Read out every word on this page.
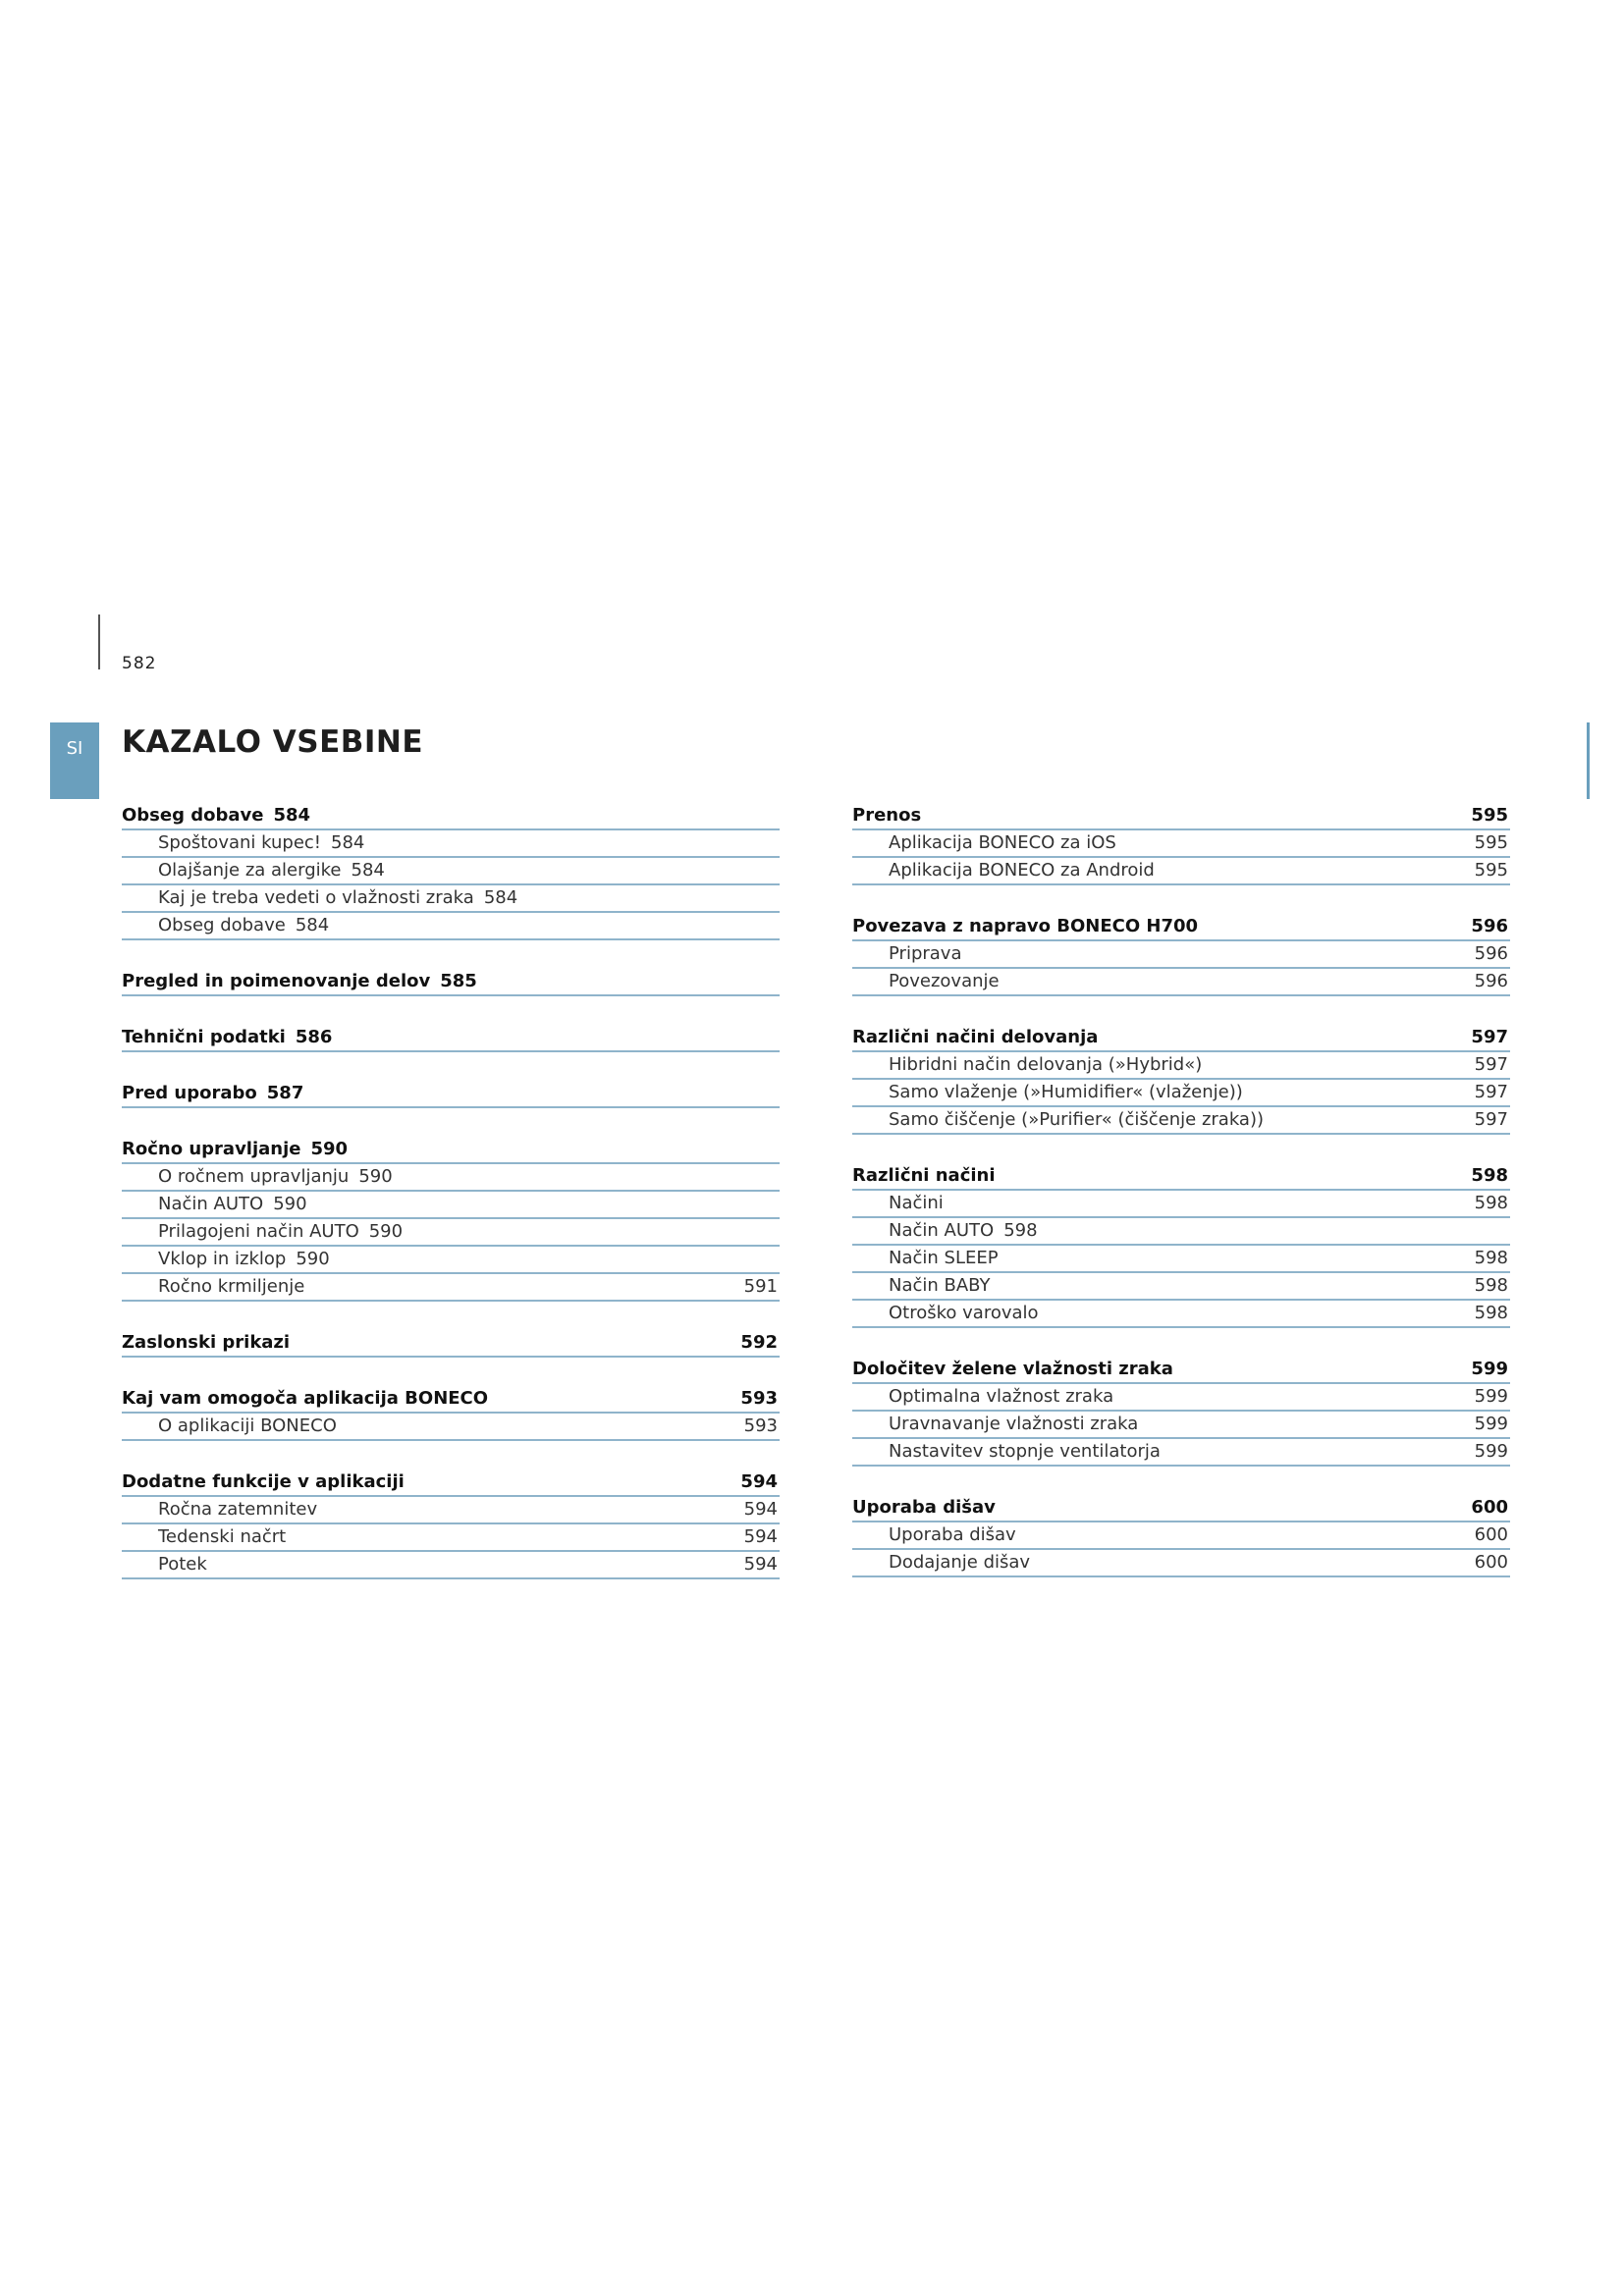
582
SI KAZALO VSEBINE
Obseg dobave 584
Spoštovani kupec! 584
Olajšanje za alergike 584
Kaj je treba vedeti o vlažnosti zraka 584
Obseg dobave 584
Pregled in poimenovanje delov 585
Tehnični podatki 586
Pred uporabo 587
Ročno upravljanje 590
O ročnem upravljanju 590
Način AUTO 590
Prilagojeni način AUTO 590
Vklop in izklop 590
Ročno krmiljenje	591
Zaslonski prikazi	592
Kaj vam omogoča aplikacija BONECO	593
O aplikaciji BONECO	593
Dodatne funkcije v aplikaciji	594
Ročna zatemnitev	594
Tedenski načrt	594
Potek	594
Prenos	595
Aplikacija BONECO za iOS	595
Aplikacija BONECO za Android	595
Povezava z napravo BONECO H700	596
Priprava	596
Povezovanje	596
Različni načini delovanja	597
Hibridni način delovanja (»Hybrid«)	597
Samo vlaženje (»Humidifier« (vlaženje))	597
Samo čiščenje (»Purifier« (čiščenje zraka))	597
Različni načini	598
Načini	598
Način AUTO 598
Način SLEEP	598
Način BABY	598
Otroško varovalo	598
Določitev želene vlažnosti zraka	599
Optimalna vlažnost zraka	599
Uravnavanje vlažnosti zraka	599
Nastavitev stopnje ventilatorja	599
Uporaba dišav	600
Uporaba dišav	600
Dodajanje dišav	600
